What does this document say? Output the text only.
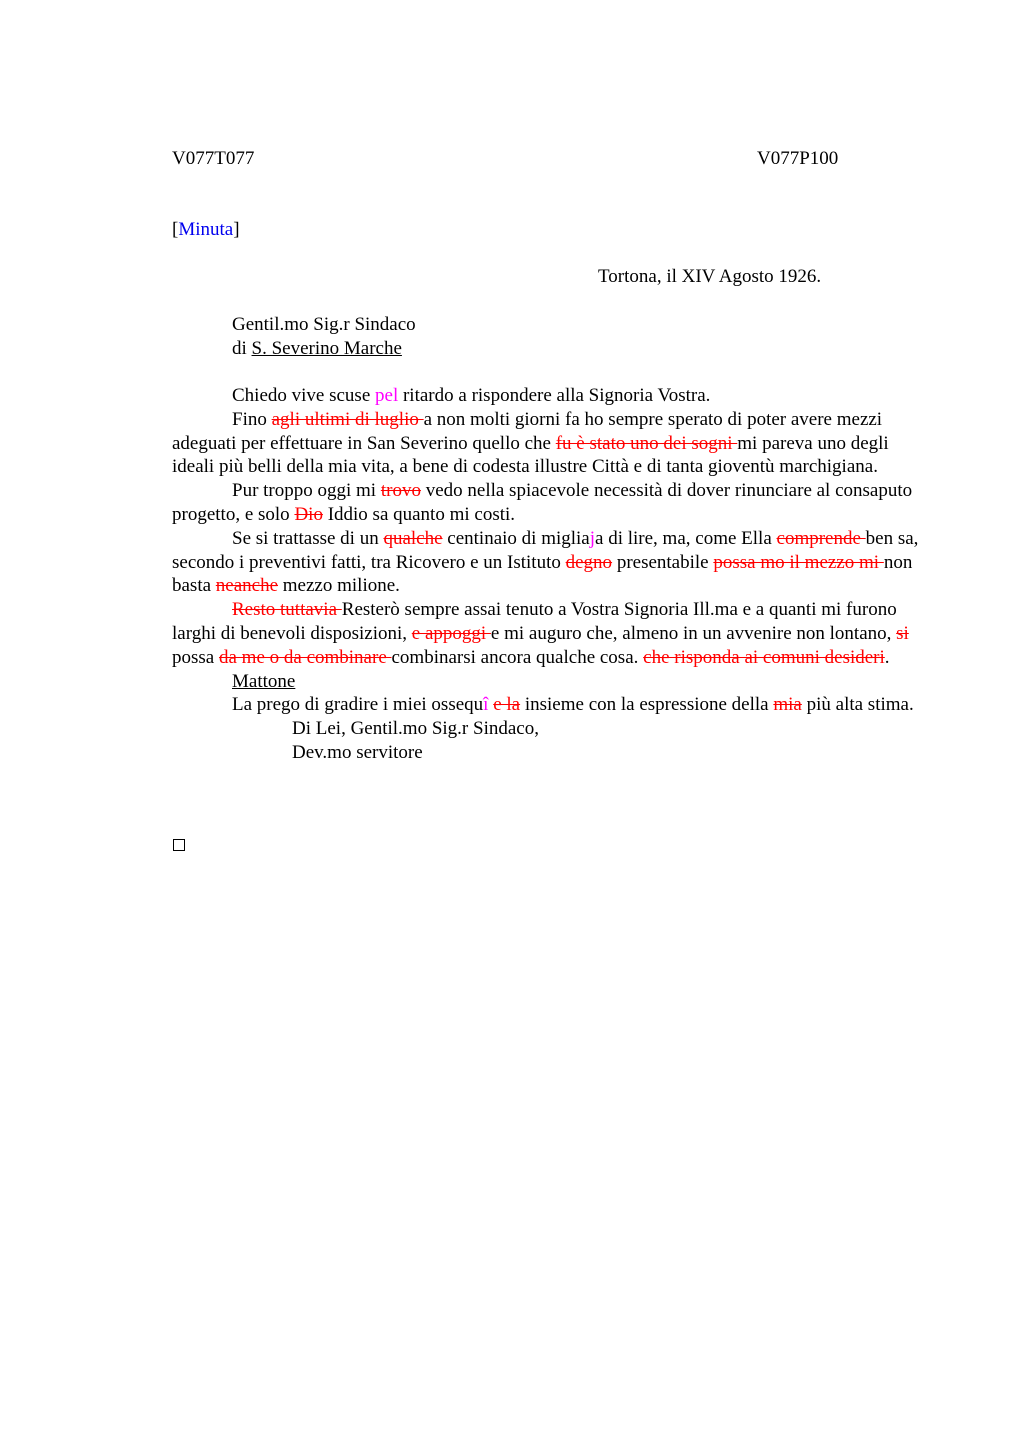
V077T077	V077P100
[Minuta]
Tortona, il XIV Agosto 1926.
Gentil.mo Sig.r Sindaco
di S. Severino Marche

Chiedo vive scuse pel ritardo a rispondere alla Signoria Vostra.

Fino agli ultimi di luglio a non molti giorni fa ho sempre sperato di poter avere mezzi adeguati per effettuare in San Severino quello che fu è stato uno dei sogni mi pareva uno degli ideali più belli della mia vita, a bene di codesta illustre Città e di tanta gioventù marchigiana.

Pur troppo oggi mi trovo vedo nella spiacevole necessità di dover rinunciare al consaputo progetto, e solo Dio Iddio sa quanto mi costi.

Se si trattasse di un qualche centinaio di migliaja di lire, ma, come Ella comprende ben sa, secondo i preventivi fatti, tra Ricovero e un Istituto degno presentabile possa mo il mezzo mi non basta neanche mezzo milione.

Resto tuttavia Resterò sempre assai tenuto a Vostra Signoria Ill.ma e a quanti mi furono larghi di benevoli disposizioni, e appoggi e mi auguro che, almeno in un avvenire non lontano, si possa da me o da combinare combinarsi ancora qualche cosa. che risponda ai comuni desideri.

Mattone

La prego di gradire i miei ossequî e la insieme con la espressione della mia più alta stima.

Di Lei, Gentil.mo Sig.r Sindaco,

Dev.mo servitore
